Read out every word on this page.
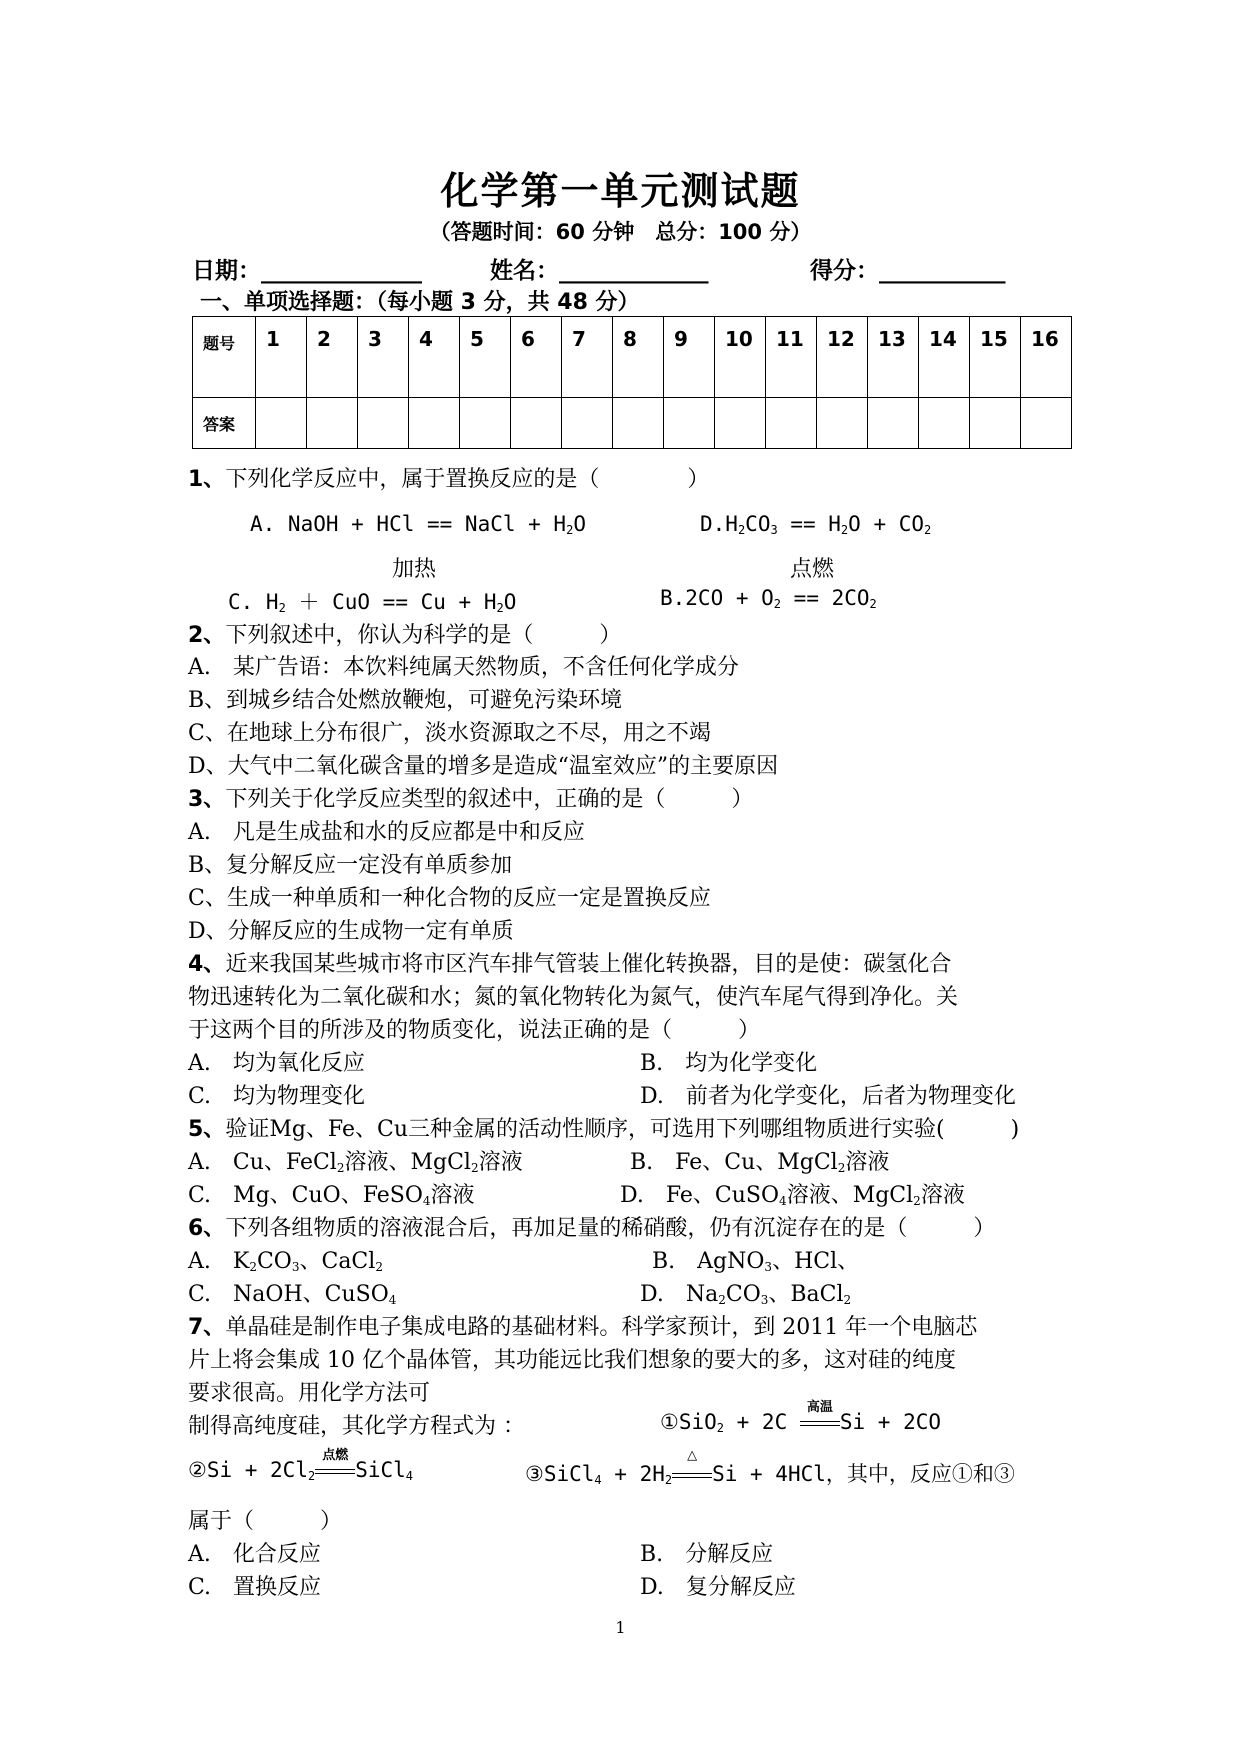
化学第一单元测试题
（答题时间：60 分钟　总分：100 分）
日期：______________	姓名：_____________	得分：___________
一、单项选择题：（每小题 3 分，共 48 分）
题号	1	2	3	4	5	6	7	8	9	10	11	12	13	14	15	16
答案																
1、下列化学反应中，属于置换反应的是（　　　　）
A. NaOH + HCl == NaCl + $H_2O$	$D.H_2CO_3 == H_2O + CO_2$
加热	点燃
C. $H_2$ ＋ CuO == $Cu + H_2O$	$B.2CO + O_2 == 2CO_2$
2、下列叙述中，你认为科学的是（　　　）
A.　某广告语：本饮料纯属天然物质，不含任何化学成分
B、到城乡结合处燃放鞭炮，可避免污染环境
C、在地球上分布很广，淡水资源取之不尽，用之不竭
D、大气中二氧化碳含量的增多是造成“温室效应”的主要原因
3、下列关于化学反应类型的叙述中，正确的是（　　　）
A.　凡是生成盐和水的反应都是中和反应
B、复分解反应一定没有单质参加
C、生成一种单质和一种化合物的反应一定是置换反应
D、分解反应的生成物一定有单质
4、近来我国某些城市将市区汽车排气管装上催化转换器，目的是使：碳氢化合
物迅速转化为二氧化碳和水；氮的氧化物转化为氮气，使汽车尾气得到净化。关
于这两个目的所涉及的物质变化，说法正确的是（　　　）
A.　均为氧化反应	B.　均为化学变化
C.　均为物理变化	D.　前者为化学变化，后者为物理变化
5、验证Mg、Fe、Cu三种金属的活动性顺序，可选用下列哪组物质进行实验(　　　)
A.　Cu、FeCl$_2$溶液、MgCl$_2$溶液	B.　Fe、Cu、MgCl$_2$溶液
C.　Mg、CuO、FeSO$_4$溶液	D.　Fe、CuSO$_4$溶液、MgCl$_2$溶液
6、下列各组物质的溶液混合后，再加足量的稀硝酸，仍有沉淀存在的是（　　　）
A.　$K_2CO_3$、CaCl$_2$	B.　AgNO$_3$、HCl、
C.　NaOH、CuSO$_4$	D.　$Na_2CO_3$、BaCl$_2$
7、单晶硅是制作电子集成电路的基础材料。科学家预计，到 2011 年一个电脑芯
片上将会集成 10 亿个晶体管，其功能远比我们想象的要大的多，这对硅的纯度
要求很高。用化学方法可
制得高纯度硅，其化学方程式为 ：	①SiO$_2$ + 2C
高温
Si + 2CO
②Si + $2Cl_2$
点燃
SiCl$_4$	③SiCl$_4$ + $2H_2$
△
Si + 4HCl，其中，反应①和③
属于（　　　）
A.　化合反应	B.　分解反应
C.　置换反应	D.　复分解反应
1
